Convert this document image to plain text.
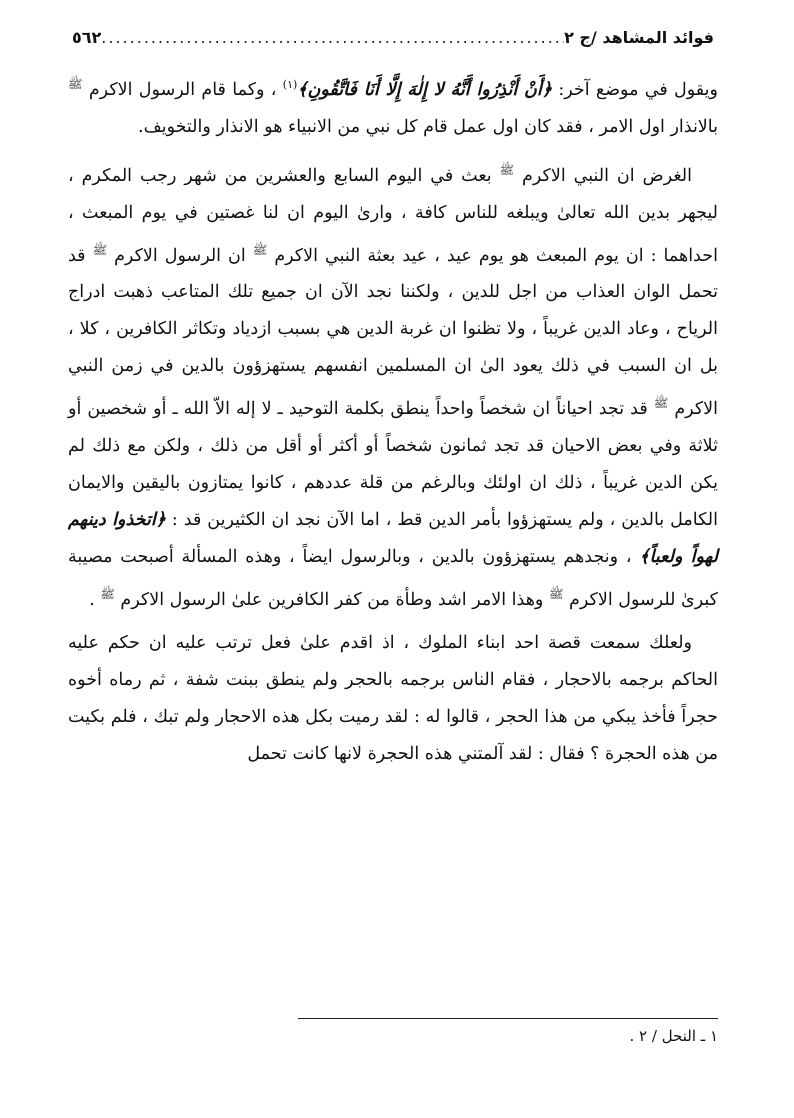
فوائد المشاهد /ج ٢
.....
٥٦٢

ويقول في موضع آخر: ﴿أَنْ أَنْذِرُوا أَنَّهُ لا إِلٰهَ إِلَّا أَنَا فَاتَّقُونِ﴾$^{(١)}$ ، وكما قام الرسول الاكرم $^ﷺ$ بالانذار اول الامر ، فقد كان اول عمل قام كل نبي من الانبياء هو الانذار والتخويف.

الغرض ان النبي الاكرم $^ﷺ$ بعث في اليوم السابع والعشرين من شهر رجب المكرم ، ليجهر بدين الله تعالىٰ ويبلغه للناس كافة ، واریٰ اليوم ان لنا غصتين في يوم المبعث ، احداهما : ان يوم المبعث هو يوم عيد ، عيد بعثة النبي الاكرم $^ﷺ$ ان الرسول الاكرم $^ﷺ$ قد تحمل الوان العذاب من اجل للدين ، ولكننا نجد الآن ان جميع تلك المتاعب ذهبت ادراج الرياح ، وعاد الدين غريباً ، ولا تظنوا ان غربة الدين هي بسبب ازدياد وتكاثر الكافرين ، كلا ، بل ان السبب في ذلك يعود الىٰ ان المسلمين انفسهم يستهزؤون بالدين في زمن النبي الاكرم $^ﷺ$ قد تجد احياناً ان شخصاً واحداً ينطق بكلمة التوحيد ـ لا إله الاّ الله ـ أو شخصين أو ثلاثة وفي بعض الاحيان قد تجد ثمانون شخصاً أو أكثر أو أقل من ذلك ، ولكن مع ذلك لم يكن الدين غريباً ، ذلك ان اولئك وبالرغم من قلة عددهم ، كانوا يمتازون باليقين والايمان الكامل بالدين ، ولم يستهزؤوا بأمر الدين قط ، اما الآن نجد ان الكثيرين قد : ﴿اتخذوا دينهم لهواً ولعباً﴾ ، ونجدهم يستهزؤون بالدين ، وبالرسول ايضاً ، وهذه المسألة أصبحت مصيبة كبرىٰ للرسول الاكرم $^ﷺ$ وهذا الامر اشد وطأة من كفر الكافرين علىٰ الرسول الاكرم $^ﷺ$ .

ولعلك سمعت قصة احد ابناء الملوك ، اذ اقدم علىٰ فعل ترتب عليه ان حكم عليه الحاكم برجمه بالاحجار ، فقام الناس برجمه بالحجر ولم ينطق ببنت شفة ، ثم رماه أخوه حجراً فأخذ يبكي من هذا الحجر ، قالوا له : لقد رميت بكل هذه الاحجار ولم تبك ، فلم بكيت من هذه الحجرة ؟ فقال : لقد آلمتني هذه الحجرة لانها كانت تحمل

١ ـ النحل / ٢ .
